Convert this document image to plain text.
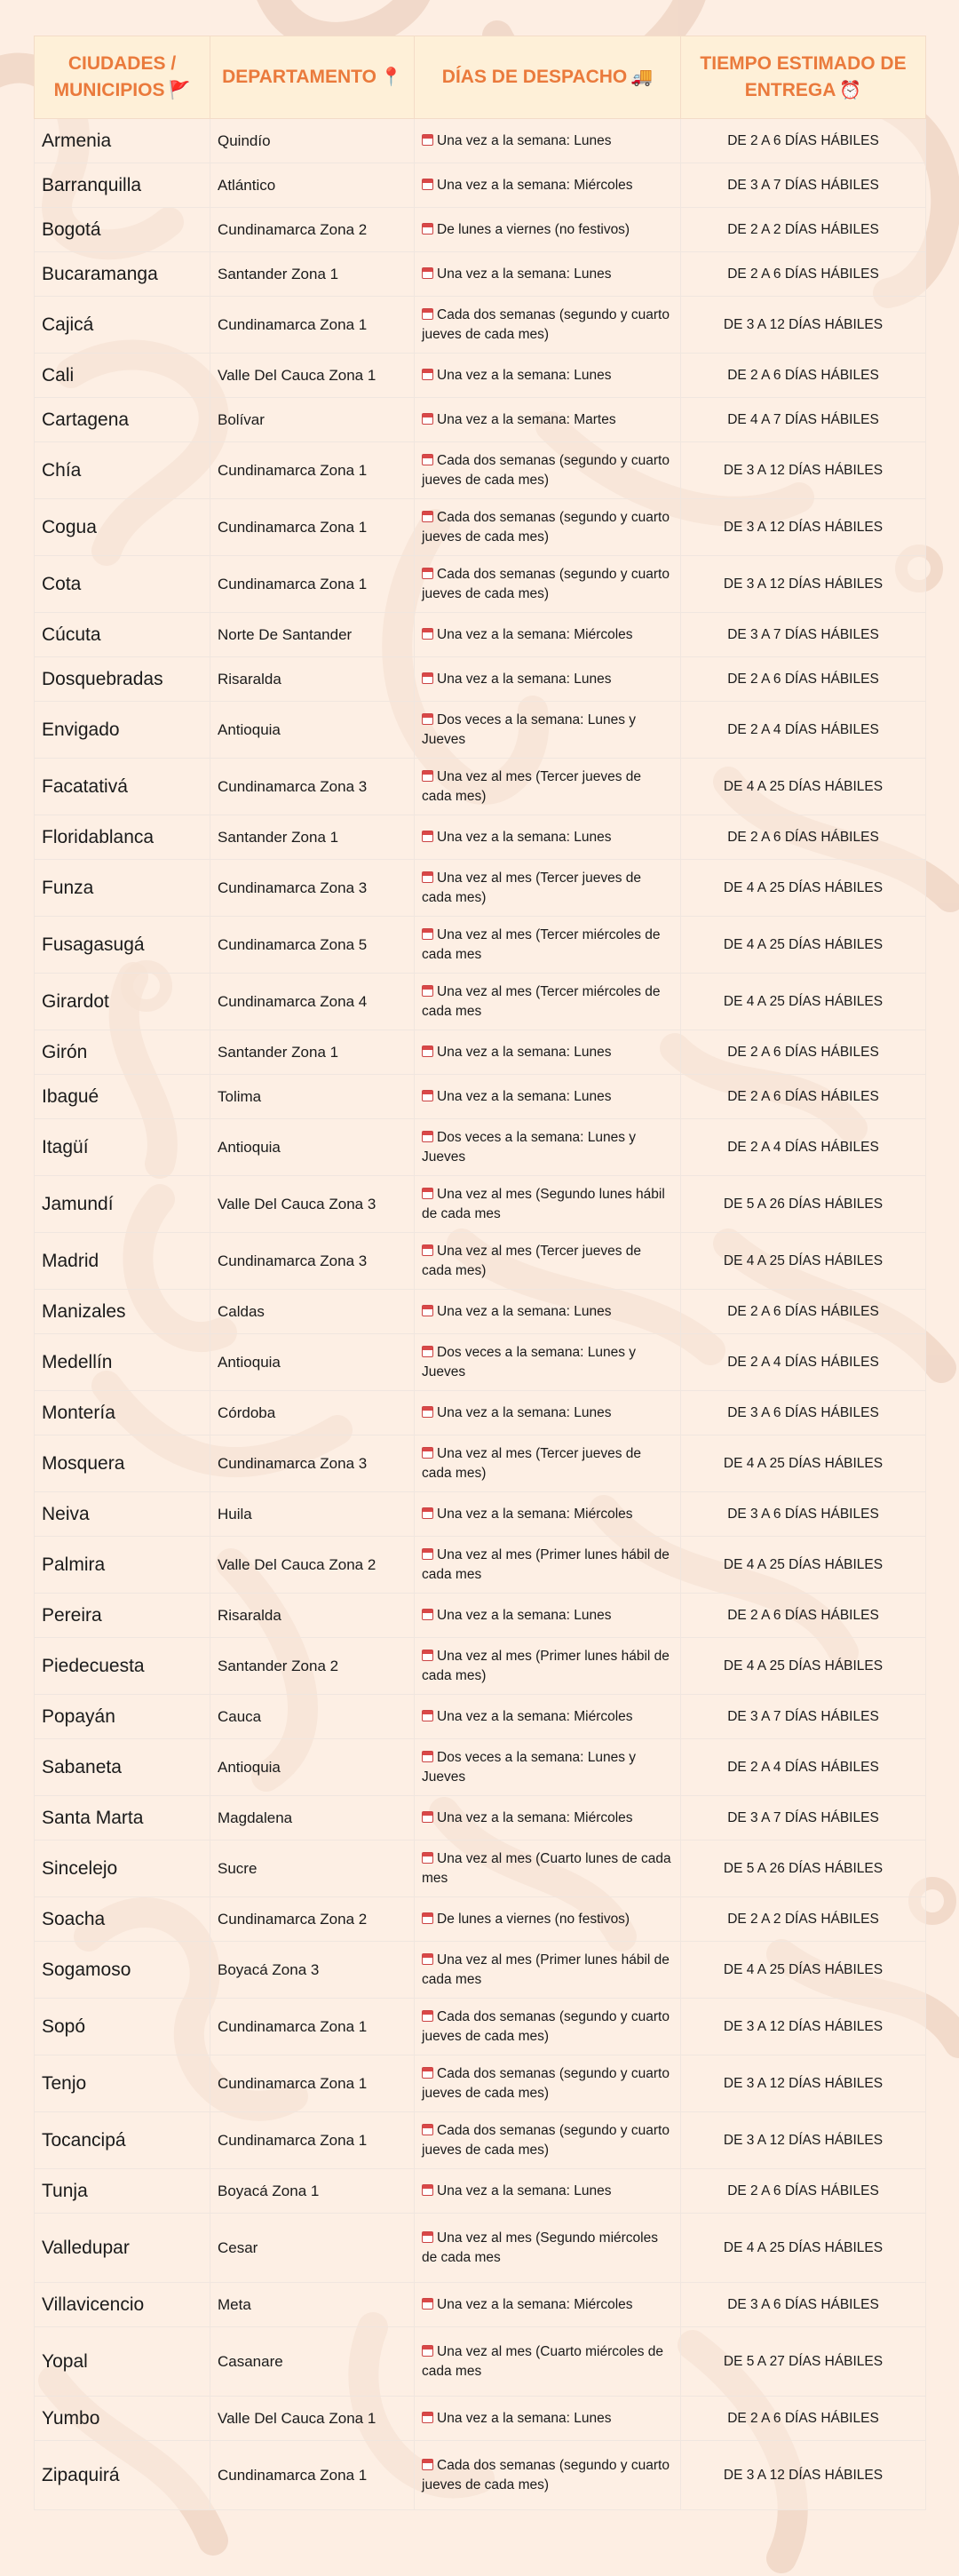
CIUDADES / MUNICIPIOS 🚩	DEPARTAMENTO 📍	DÍAS DE DESPACHO 🚚	TIEMPO ESTIMADO DE ENTREGA ⏰
Armenia	Quindío	Una vez a la semana: Lunes	DE 2 A 6 DÍAS HÁBILES
Barranquilla	Atlántico	Una vez a la semana: Miércoles	DE 3 A 7 DÍAS HÁBILES
Bogotá	Cundinamarca Zona 2	De lunes a viernes (no festivos)	DE 2 A 2 DÍAS HÁBILES
Bucaramanga	Santander Zona 1	Una vez a la semana: Lunes	DE 2 A 6 DÍAS HÁBILES
Cajicá	Cundinamarca Zona 1	Cada dos semanas (segundo y cuarto jueves de cada mes)	DE 3 A 12 DÍAS HÁBILES
Cali	Valle Del Cauca Zona 1	Una vez a la semana: Lunes	DE 2 A 6 DÍAS HÁBILES
Cartagena	Bolívar	Una vez a la semana: Martes	DE 4 A 7 DÍAS HÁBILES
Chía	Cundinamarca Zona 1	Cada dos semanas (segundo y cuarto jueves de cada mes)	DE 3 A 12 DÍAS HÁBILES
Cogua	Cundinamarca Zona 1	Cada dos semanas (segundo y cuarto jueves de cada mes)	DE 3 A 12 DÍAS HÁBILES
Cota	Cundinamarca Zona 1	Cada dos semanas (segundo y cuarto jueves de cada mes)	DE 3 A 12 DÍAS HÁBILES
Cúcuta	Norte De Santander	Una vez a la semana: Miércoles	DE 3 A 7 DÍAS HÁBILES
Dosquebradas	Risaralda	Una vez a la semana: Lunes	DE 2 A 6 DÍAS HÁBILES
Envigado	Antioquia	Dos veces a la semana: Lunes y Jueves	DE 2 A 4 DÍAS HÁBILES
Facatativá	Cundinamarca Zona 3	Una vez al mes (Tercer jueves de cada mes)	DE 4 A 25 DÍAS HÁBILES
Floridablanca	Santander Zona 1	Una vez a la semana: Lunes	DE 2 A 6 DÍAS HÁBILES
Funza	Cundinamarca Zona 3	Una vez al mes (Tercer jueves de cada mes)	DE 4 A 25 DÍAS HÁBILES
Fusagasugá	Cundinamarca Zona 5	Una vez al mes (Tercer miércoles de cada mes	DE 4 A 25 DÍAS HÁBILES
Girardot	Cundinamarca Zona 4	Una vez al mes (Tercer miércoles de cada mes	DE 4 A 25 DÍAS HÁBILES
Girón	Santander Zona 1	Una vez a la semana: Lunes	DE 2 A 6 DÍAS HÁBILES
Ibagué	Tolima	Una vez a la semana: Lunes	DE 2 A 6 DÍAS HÁBILES
Itagüí	Antioquia	Dos veces a la semana: Lunes y Jueves	DE 2 A 4 DÍAS HÁBILES
Jamundí	Valle Del Cauca Zona 3	Una vez al mes (Segundo lunes hábil de cada mes	DE 5 A 26 DÍAS HÁBILES
Madrid	Cundinamarca Zona 3	Una vez al mes (Tercer jueves de cada mes)	DE 4 A 25 DÍAS HÁBILES
Manizales	Caldas	Una vez a la semana: Lunes	DE 2 A 6 DÍAS HÁBILES
Medellín	Antioquia	Dos veces a la semana: Lunes y Jueves	DE 2 A 4 DÍAS HÁBILES
Montería	Córdoba	Una vez a la semana: Lunes	DE 3 A 6 DÍAS HÁBILES
Mosquera	Cundinamarca Zona 3	Una vez al mes (Tercer jueves de cada mes)	DE 4 A 25 DÍAS HÁBILES
Neiva	Huila	Una vez a la semana: Miércoles	DE 3 A 6 DÍAS HÁBILES
Palmira	Valle Del Cauca Zona 2	Una vez al mes (Primer lunes hábil de cada mes	DE 4 A 25 DÍAS HÁBILES
Pereira	Risaralda	Una vez a la semana: Lunes	DE 2 A 6 DÍAS HÁBILES
Piedecuesta	Santander Zona 2	Una vez al mes (Primer lunes hábil de cada mes)	DE 4 A 25 DÍAS HÁBILES
Popayán	Cauca	Una vez a la semana: Miércoles	DE 3 A 7 DÍAS HÁBILES
Sabaneta	Antioquia	Dos veces a la semana: Lunes y Jueves	DE 2 A 4 DÍAS HÁBILES
Santa Marta	Magdalena	Una vez a la semana: Miércoles	DE 3 A 7 DÍAS HÁBILES
Sincelejo	Sucre	Una vez al mes (Cuarto lunes de cada mes	DE 5 A 26 DÍAS HÁBILES
Soacha	Cundinamarca Zona 2	De lunes a viernes (no festivos)	DE 2 A 2 DÍAS HÁBILES
Sogamoso	Boyacá Zona 3	Una vez al mes (Primer lunes hábil de cada mes	DE 4 A 25 DÍAS HÁBILES
Sopó	Cundinamarca Zona 1	Cada dos semanas (segundo y cuarto jueves de cada mes)	DE 3 A 12 DÍAS HÁBILES
Tenjo	Cundinamarca Zona 1	Cada dos semanas (segundo y cuarto jueves de cada mes)	DE 3 A 12 DÍAS HÁBILES
Tocancipá	Cundinamarca Zona 1	Cada dos semanas (segundo y cuarto jueves de cada mes)	DE 3 A 12 DÍAS HÁBILES
Tunja	Boyacá Zona 1	Una vez a la semana: Lunes	DE 2 A 6 DÍAS HÁBILES
Valledupar	Cesar	Una vez al mes (Segundo miércoles de cada mes	DE 4 A 25 DÍAS HÁBILES
Villavicencio	Meta	Una vez a la semana: Miércoles	DE 3 A 6 DÍAS HÁBILES
Yopal	Casanare	Una vez al mes (Cuarto miércoles de cada mes	DE 5 A 27 DÍAS HÁBILES
Yumbo	Valle Del Cauca Zona 1	Una vez a la semana: Lunes	DE 2 A 6 DÍAS HÁBILES
Zipaquirá	Cundinamarca Zona 1	Cada dos semanas (segundo y cuarto jueves de cada mes)	DE 3 A 12 DÍAS HÁBILES
